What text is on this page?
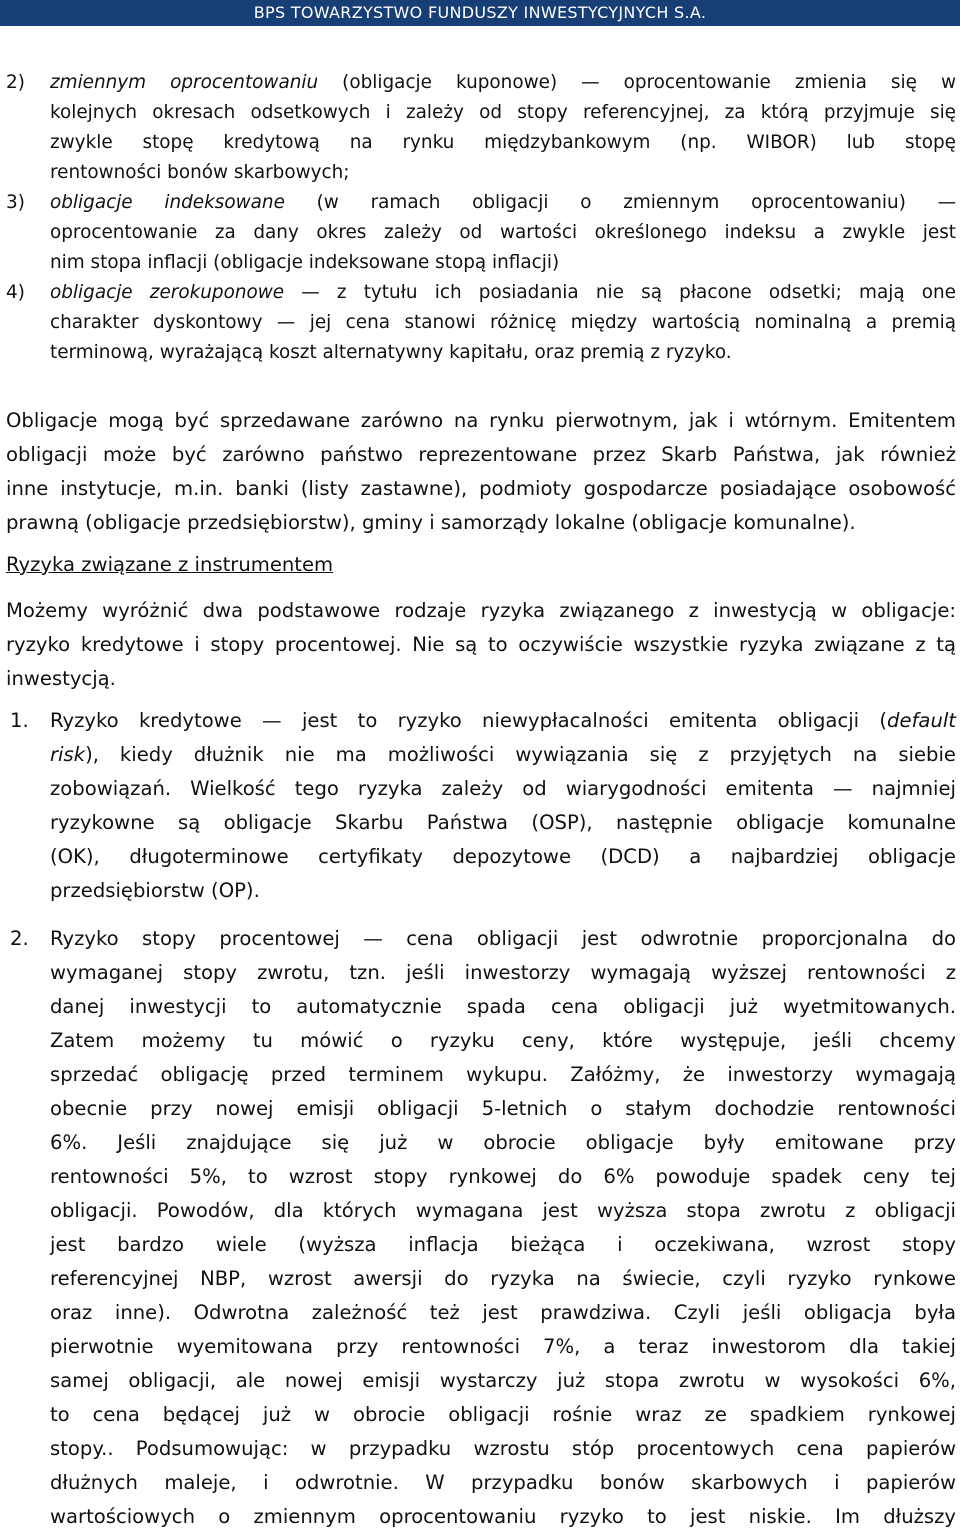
BPS TOWARZYSTWO FUNDUSZY INWESTYCYJNYCH S.A.
2) zmiennym oprocentowaniu (obligacje kuponowe) — oprocentowanie zmienia się w
kolejnych okresach odsetkowych i zależy od stopy referencyjnej, za którą przyjmuje się
zwykle stopę kredytową na rynku międzybankowym (np. WIBOR) lub stopę
rentowności bonów skarbowych;
3) obligacje indeksowane (w ramach obligacji o zmiennym oprocentowaniu) —
oprocentowanie za dany okres zależy od wartości określonego indeksu a zwykle jest
nim stopa inflacji (obligacje indeksowane stopą inflacji)
4) obligacje zerokuponowe — z tytułu ich posiadania nie są płacone odsetki; mają one
charakter dyskontowy — jej cena stanowi różnicę między wartością nominalną a premią
terminową, wyrażającą koszt alternatywny kapitału, oraz premią z ryzyko.
Obligacje mogą być sprzedawane zarówno na rynku pierwotnym, jak i wtórnym. Emitentem
obligacji może być zarówno państwo reprezentowane przez Skarb Państwa, jak również
inne instytucje, m.in. banki (listy zastawne), podmioty gospodarcze posiadające osobowość
prawną (obligacje przedsiębiorstw), gminy i samorządy lokalne (obligacje komunalne).
Ryzyka związane z instrumentem
Możemy wyróżnić dwa podstawowe rodzaje ryzyka związanego z inwestycją w obligacje:
ryzyko kredytowe i stopy procentowej. Nie są to oczywiście wszystkie ryzyka związane z tą
inwestycją.
1. Ryzyko kredytowe — jest to ryzyko niewypłacalności emitenta obligacji (default
risk), kiedy dłużnik nie ma możliwości wywiązania się z przyjętych na siebie
zobowiązań. Wielkość tego ryzyka zależy od wiarygodności emitenta — najmniej
ryzykowne są obligacje Skarbu Państwa (OSP), następnie obligacje komunalne
(OK), długoterminowe certyfikaty depozytowe (DCD) a najbardziej obligacje
przedsiębiorstw (OP).
2. Ryzyko stopy procentowej — cena obligacji jest odwrotnie proporcjonalna do
wymaganej stopy zwrotu, tzn. jeśli inwestorzy wymagają wyższej rentowności z
danej inwestycji to automatycznie spada cena obligacji już wyetmitowanych.
Zatem możemy tu mówić o ryzyku ceny, które występuje, jeśli chcemy
sprzedać obligację przed terminem wykupu. Załóżmy, że inwestorzy wymagają
obecnie przy nowej emisji obligacji 5-letnich o stałym dochodzie rentowności
6%. Jeśli znajdujące się już w obrocie obligacje były emitowane przy
rentowności 5%, to wzrost stopy rynkowej do 6% powoduje spadek ceny tej
obligacji. Powodów, dla których wymagana jest wyższa stopa zwrotu z obligacji
jest bardzo wiele (wyższa inflacja bieżąca i oczekiwana, wzrost stopy
referencyjnej NBP, wzrost awersji do ryzyka na świecie, czyli ryzyko rynkowe
oraz inne). Odwrotna zależność też jest prawdziwa. Czyli jeśli obligacja była
pierwotnie wyemitowana przy rentowności 7%, a teraz inwestorom dla takiej
samej obligacji, ale nowej emisji wystarczy już stopa zwrotu w wysokości 6%,
to cena będącej już w obrocie obligacji rośnie wraz ze spadkiem rynkowej
stopy.. Podsumowując: w przypadku wzrostu stóp procentowych cena papierów
dłużnych maleje, i odwrotnie. W przypadku bonów skarbowych i papierów
wartościowych o zmiennym oprocentowaniu ryzyko to jest niskie. Im dłuższy
